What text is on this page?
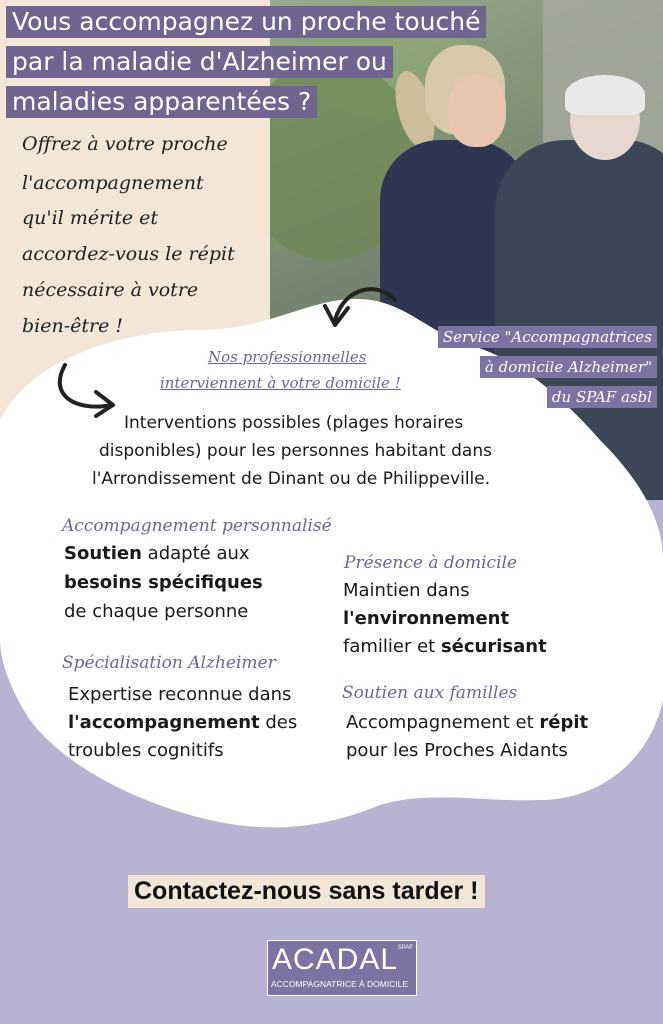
Vous accompagnez un proche touché
par la maladie d'Alzheimer ou
maladies apparentées ?
Offrez à votre proche
l'accompagnement
qu'il mérite et
accordez-vous le répit
nécessaire à votre
bien-être !	Service "Accompagnatrices
à domicile Alzheimer"
du SPAF asbl
Nos professionnelles
interviennent à votre domicile !
Interventions possibles (plages horaires
disponibles) pour les personnes habitant dans
l'Arrondissement de Dinant ou de Philippeville.
Accompagnement personnalisé
Soutien adapté aux
besoins spécifiques
de chaque personne
Présence à domicile
Maintien dans
l'environnement
familier et sécurisant
Spécialisation Alzheimer
Expertise reconnue dans
l'accompagnement des
troubles cognitifs
Soutien aux familles
Accompagnement et répit
pour les Proches Aidants
Contactez-nous sans tarder !
ACADAL SPAF
ACCOMPAGNATRICE À DOMICILE
